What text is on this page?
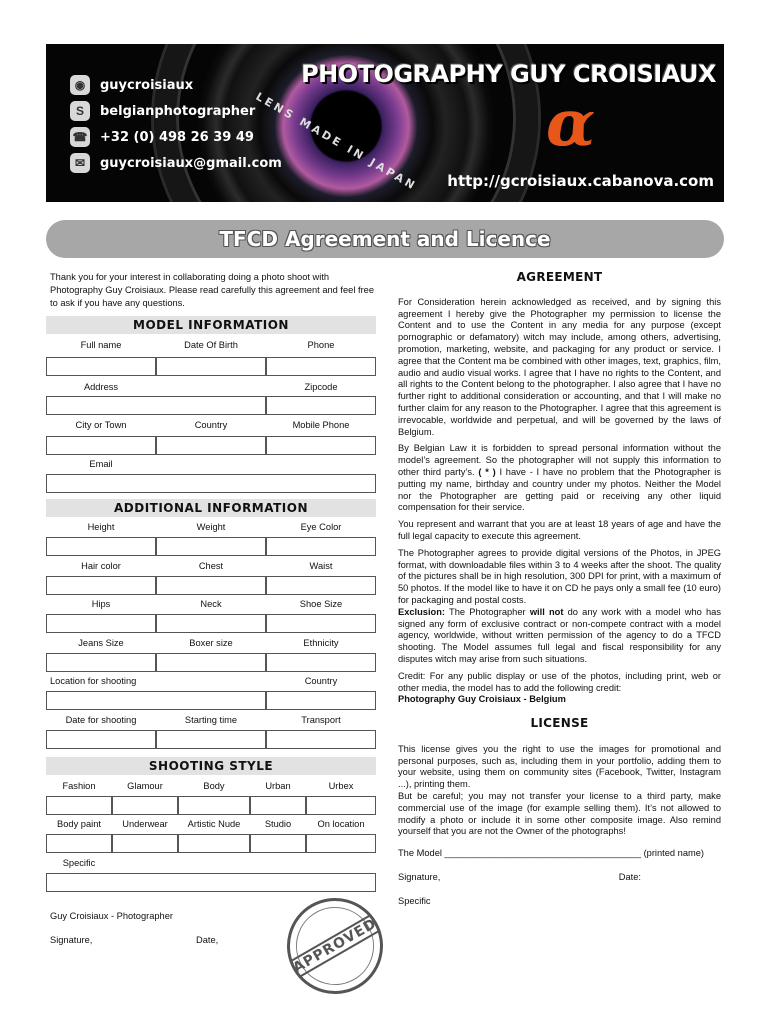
LENS MADE IN JAPAN
◉	guycroisiaux
S	belgianphotographer
☎ +32 (0) 498 26 39 49
✉	guycroisiaux@gmail.com
PHOTOGRAPHY GUY CROISIAUX
α
http://gcroisiaux.cabanova.com
TFCD Agreement and Licence
Thank you for your interest in collaborating doing a photo shoot with Photography Guy Croisiaux. Please read carefully this agreement and feel free to ask if you have any questions.
MODEL INFORMATION
Full name	Date Of Birth	Phone
Address	Zipcode
City or Town	Country	Mobile Phone
Email
ADDITIONAL INFORMATION
Height	Weight	Eye Color
Hair color	Chest	Waist
Hips	Neck	Shoe Size
Jeans Size	Boxer size	Ethnicity
Location for shooting	Country
Date for shooting	Starting time	Transport
SHOOTING STYLE
Fashion	Glamour	Body	Urban	Urbex
Body paint	Underwear	Artistic Nude	Studio	On location
Specific
Guy Croisiaux - Photographer
Signature,	Date,	APPROVED
AGREEMENT

For Consideration herein acknowledged as received, and by signing this agreement I hereby give the Photographer my permission to license the Content and to use the Content in any media for any purpose (except pornographic or defamatory) witch may include, among others, advertising, promotion, marketing, website, and packaging for any product or service. I agree that the Content ma be combined with other images, text, graphics, film, audio and audio visual works. I agree that I have no rights to the Content, and all rights to the Content belong to the photographer. I also agree that I have no further right to additional consideration or accounting, and that I will make no further claim for any reason to the Photographer. I agree that this agreement is irrevocable, worldwide and perpetual, and will be governed by the laws of Belgium.

By Belgian Law it is forbidden to spread personal information without the model’s agreement. So the photographer will not supply this information to other third party’s. ( * ) I have - I have no problem that the Photographer is putting my name, birthday and country under my photos. Neither the Model nor the Photographer are getting paid or receiving any other liquid compensation for their service.

You represent and warrant that you are at least 18 years of age and have the full legal capacity to execute this agreement.

The Photographer agrees to provide digital versions of the Photos, in JPEG format, with downloadable files within 3 to 4 weeks after the shoot. The quality of the pictures shall be in high resolution, 300 DPI for print, with a maximum of 50 photos. If the model like to have it on CD he pays only a small fee (10 euro) for packaging and postal costs.

Exclusion: The Photographer will not do any work with a model who has signed any form of exclusive contract or non-compete contract with a model agency, worldwide, without written permission of the agency to do a TFCD shooting. The Model assumes full legal and fiscal responsibility for any disputes witch may arise from such situations.

Credit: For any public display or use of the photos, including print, web or other media, the model has to add the following credit:

Photography Guy Croisiaux - Belgium

LICENSE

This license gives you the right to use the images for promotional and personal purposes, such as, including them in your portfolio, adding them to your website, using them on community sites (Facebook, Twitter, Instagram ...), printing them.

But be careful; you may not transfer your license to a third party, make commercial use of the image (for example selling them). It’s not allowed to modify a photo or include it in some other composite image. Also remind yourself that you are not the Owner of the photographs!

The Model ______________________________________ (printed name)

Signature,	Date:
Specific
